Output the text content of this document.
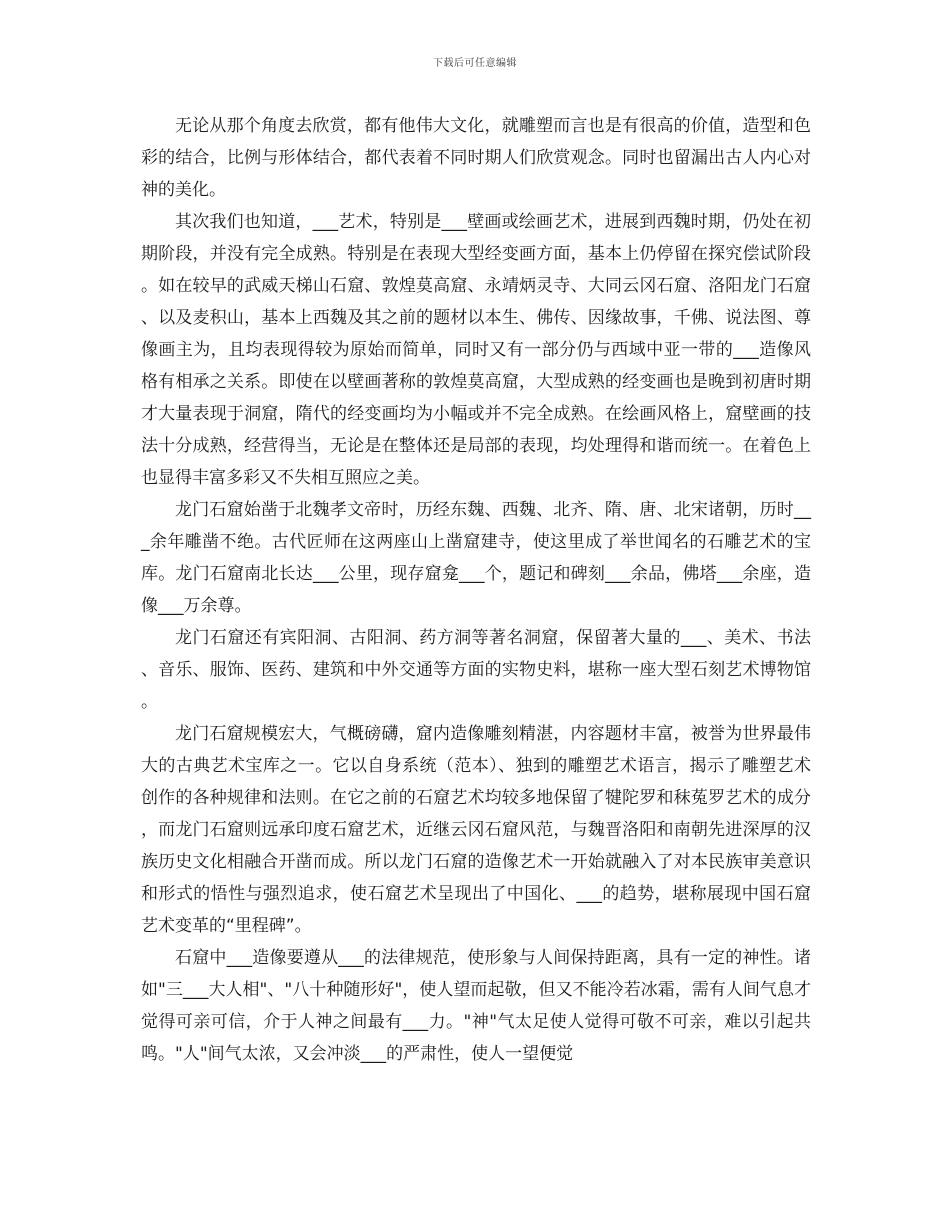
下载后可任意编辑

无论从那个角度去欣赏，都有他伟大文化，就雕塑而言也是有很高的价值，造型和色彩的结合，比例与形体结合，都代表着不同时期人们欣赏观念。同时也留漏出古人内心对神的美化。

其次我们也知道，___艺术，特别是___壁画或绘画艺术，进展到西魏时期，仍处在初期阶段，并没有完全成熟。特别是在表现大型经变画方面，基本上仍停留在探究偿试阶段。如在较早的武威天梯山石窟、敦煌莫高窟、永靖炳灵寺、大同云冈石窟、洛阳龙门石窟、以及麦积山，基本上西魏及其之前的题材以本生、佛传、因缘故事，千佛、说法图、尊像画主为，且均表现得较为原始而简单，同时又有一部分仍与西域中亚一带的___造像风格有相承之关系。即使在以壁画著称的敦煌莫高窟，大型成熟的经变画也是晚到初唐时期才大量表现于洞窟，隋代的经变画均为小幅或并不完全成熟。在绘画风格上，窟壁画的技法十分成熟，经营得当，无论是在整体还是局部的表现，均处理得和谐而统一。在着色上也显得丰富多彩又不失相互照应之美。

龙门石窟始凿于北魏孝文帝时，历经东魏、西魏、北齐、隋、唐、北宋诸朝，历时___余年雕凿不绝。古代匠师在这两座山上凿窟建寺，使这里成了举世闻名的石雕艺术的宝库。龙门石窟南北长达___公里，现存窟龛___个，题记和碑刻___余品，佛塔___余座，造像___万余尊。

龙门石窟还有宾阳洞、古阳洞、药方洞等著名洞窟，保留著大量的___、美术、书法、音乐、服饰、医药、建筑和中外交通等方面的实物史料，堪称一座大型石刻艺术博物馆。

龙门石窟规模宏大，气概磅礴，窟内造像雕刻精湛，内容题材丰富，被誉为世界最伟大的古典艺术宝库之一。它以自身系统（范本）、独到的雕塑艺术语言，揭示了雕塑艺术创作的各种规律和法则。在它之前的石窟艺术均较多地保留了犍陀罗和秣菟罗艺术的成分，而龙门石窟则远承印度石窟艺术，近继云冈石窟风范，与魏晋洛阳和南朝先进深厚的汉族历史文化相融合开凿而成。所以龙门石窟的造像艺术一开始就融入了对本民族审美意识和形式的悟性与强烈追求，使石窟艺术呈现出了中国化、___的趋势，堪称展现中国石窟艺术变革的“里程碑”。

石窟中___造像要遵从___的法律规范，使形象与人间保持距离，具有一定的神性。诸如"三___大人相"、"八十种随形好"，使人望而起敬，但又不能冷若冰霜，需有人间气息才觉得可亲可信，介于人神之间最有___力。"神"气太足使人觉得可敬不可亲，难以引起共鸣。"人"间气太浓，又会冲淡___的严肃性，使人一望便觉
